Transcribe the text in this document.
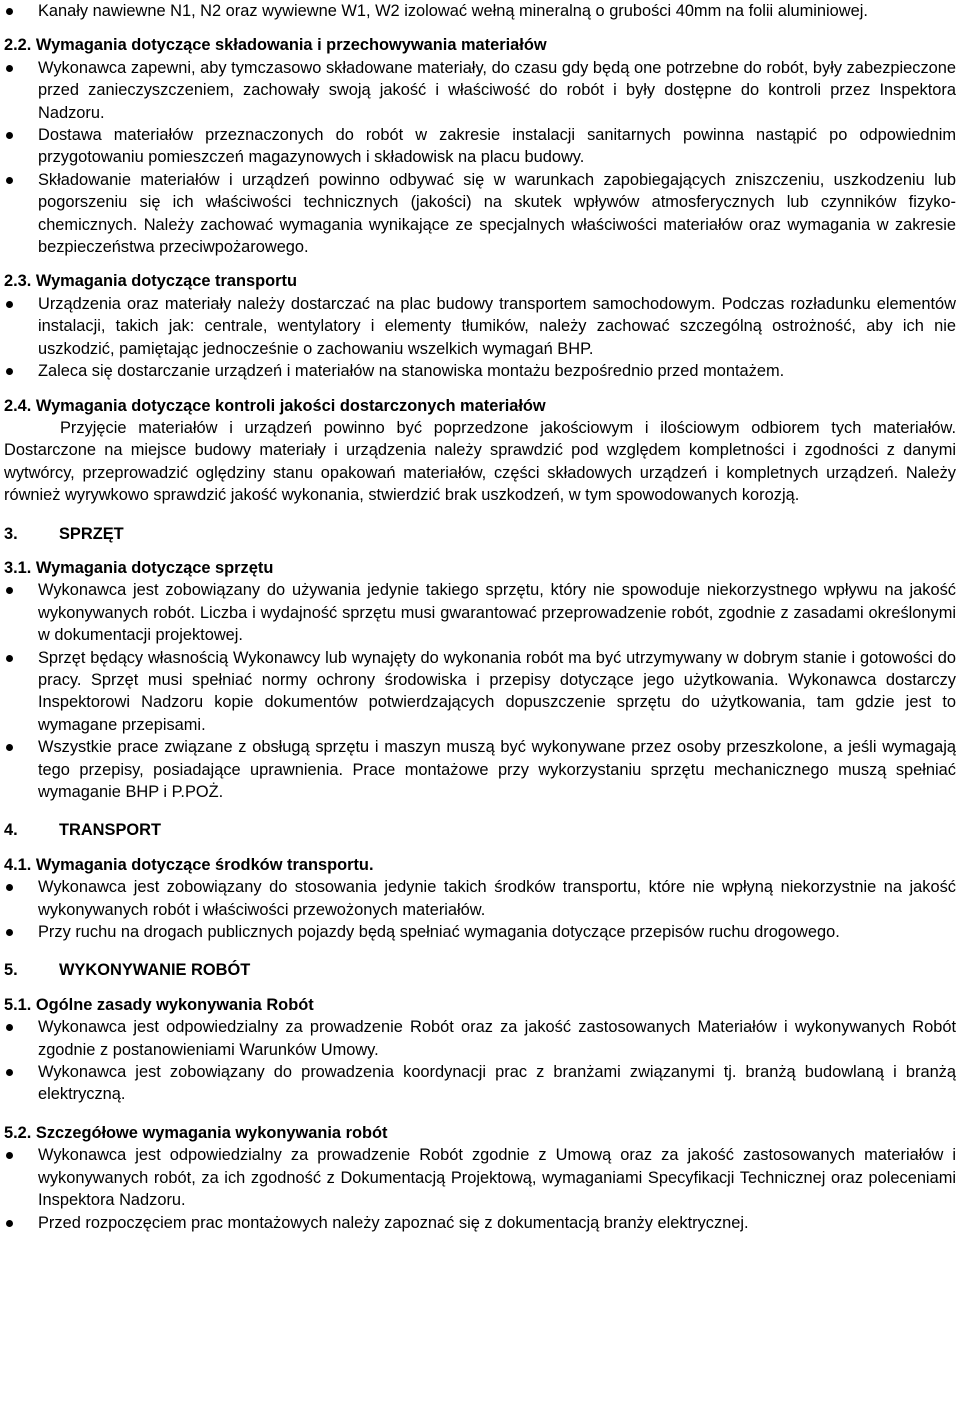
Kanały nawiewne N1, N2 oraz wywiewne W1, W2 izolować wełną mineralną o grubości 40mm na folii aluminiowej.
2.2. Wymagania dotyczące składowania i przechowywania materiałów
Wykonawca zapewni, aby tymczasowo składowane materiały, do czasu gdy będą one potrzebne do robót, były zabezpieczone przed zanieczyszczeniem, zachowały swoją jakość i właściwość do robót i były dostępne do kontroli przez Inspektora Nadzoru.
Dostawa materiałów przeznaczonych do robót w zakresie instalacji sanitarnych powinna nastąpić po odpowiednim przygotowaniu pomieszczeń magazynowych i składowisk na placu budowy.
Składowanie materiałów i urządzeń powinno odbywać się w warunkach zapobiegających zniszczeniu, uszkodzeniu lub pogorszeniu się ich właściwości technicznych (jakości) na skutek wpływów atmosferycznych lub czynników fizyko-chemicznych. Należy zachować wymagania wynikające ze specjalnych właściwości materiałów oraz wymagania w zakresie bezpieczeństwa przeciwpożarowego.
2.3. Wymagania dotyczące transportu
Urządzenia oraz materiały należy dostarczać na plac budowy transportem samochodowym. Podczas rozładunku elementów instalacji, takich jak: centrale, wentylatory i elementy tłumików, należy zachować szczególną ostrożność, aby ich nie uszkodzić, pamiętając jednocześnie o zachowaniu wszelkich wymagań BHP.
Zaleca się dostarczanie urządzeń i materiałów na stanowiska montażu bezpośrednio przed montażem.
2.4. Wymagania dotyczące kontroli jakości dostarczonych materiałów
Przyjęcie materiałów i urządzeń powinno być poprzedzone jakościowym i ilościowym odbiorem tych materiałów. Dostarczone na miejsce budowy materiały i urządzenia należy sprawdzić pod względem kompletności i zgodności z danymi wytwórcy, przeprowadzić oględziny stanu opakowań materiałów, części składowych urządzeń i kompletnych urządzeń. Należy również wyrywkowo sprawdzić jakość wykonania, stwierdzić brak uszkodzeń, w tym spowodowanych korozją.
3.	SPRZĘT
3.1. Wymagania dotyczące sprzętu
Wykonawca jest zobowiązany do używania jedynie takiego sprzętu, który nie spowoduje niekorzystnego wpływu na jakość wykonywanych robót. Liczba i wydajność sprzętu musi gwarantować przeprowadzenie robót, zgodnie z zasadami określonymi w dokumentacji projektowej.
Sprzęt będący własnością Wykonawcy lub wynajęty do wykonania robót ma być utrzymywany w dobrym stanie i gotowości do pracy. Sprzęt musi spełniać normy ochrony środowiska i przepisy dotyczące jego użytkowania. Wykonawca dostarczy Inspektorowi Nadzoru kopie dokumentów potwierdzających dopuszczenie sprzętu do użytkowania, tam gdzie jest to wymagane przepisami.
Wszystkie prace związane z obsługą sprzętu i maszyn muszą być wykonywane przez osoby przeszkolone, a jeśli wymagają tego przepisy, posiadające uprawnienia. Prace montażowe przy wykorzystaniu sprzętu mechanicznego muszą spełniać wymaganie BHP i P.POŻ.
4.	TRANSPORT
4.1. Wymagania dotyczące środków transportu.
Wykonawca jest zobowiązany do stosowania jedynie takich środków transportu, które nie wpłyną niekorzystnie na jakość wykonywanych robót i właściwości przewożonych materiałów.
Przy ruchu na drogach publicznych pojazdy będą spełniać wymagania dotyczące przepisów ruchu drogowego.
5.	WYKONYWANIE ROBÓT
5.1. Ogólne zasady wykonywania Robót
Wykonawca jest odpowiedzialny za prowadzenie Robót oraz za jakość zastosowanych Materiałów i wykonywanych Robót zgodnie z postanowieniami Warunków Umowy.
Wykonawca jest zobowiązany do prowadzenia koordynacji prac z branżami związanymi tj. branżą budowlaną i branżą elektryczną.
5.2. Szczegółowe wymagania wykonywania robót
Wykonawca jest odpowiedzialny za prowadzenie Robót zgodnie z Umową oraz za jakość zastosowanych materiałów i wykonywanych robót, za ich zgodność z Dokumentacją Projektową, wymaganiami Specyfikacji Technicznej oraz poleceniami Inspektora Nadzoru.
Przed rozpoczęciem prac montażowych należy zapoznać się z dokumentacją branży elektrycznej.
